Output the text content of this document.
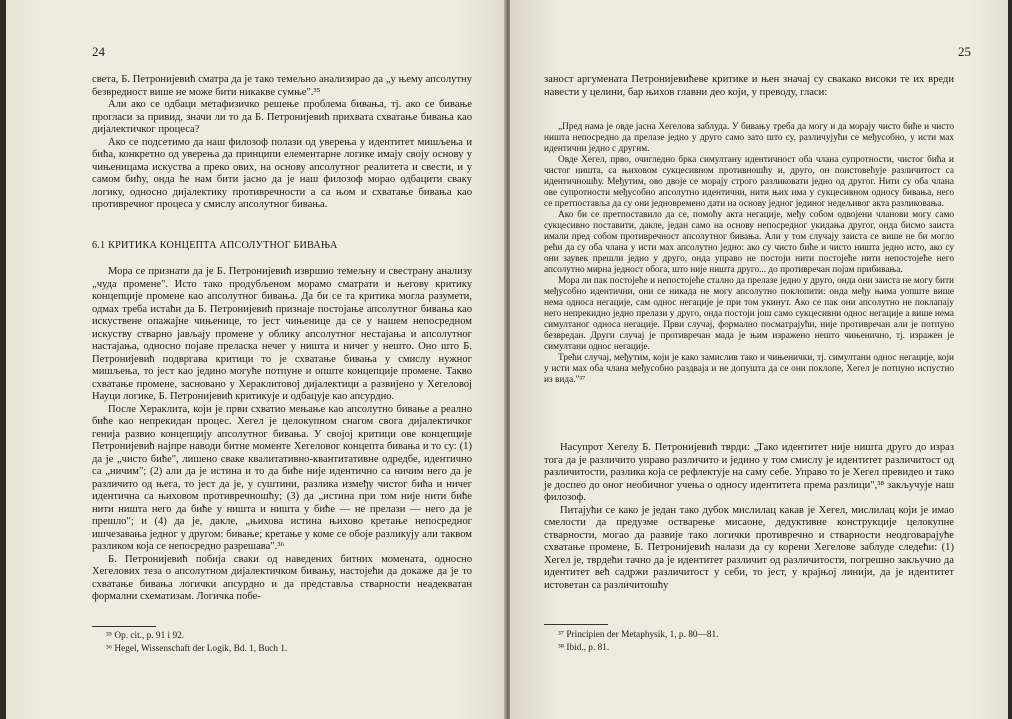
24

света, Б. Петронијевић сматра да је тако темељно анализирао да „у њему апсолутну безвредност више не може бити никакве сумње".³⁵

Али ако се одбаци метафизичко решење проблема бивања, тј. ако се бивање прогласи за привид, значи ли то да Б. Петронијевић прихвата схватање бивања као дијалектичког процеса?

Ако се подсетимо да наш филозоф полази од уверења у идентитет мишљења и бића, конкретно од уверења да принципи елементарне логике имају своју основу у чињеницама искуства а преко ових, на основу апсолутног реалитета и свести, и у самом бићу, онда ће нам бити јасно да је наш филозоф морао одбацити сваку логику, односно дијалектику противречности а са њом и схватање бивања као противречног процеса у смислу апсолутног бивања.

6.1 КРИТИКА КОНЦЕПТА АПСОЛУТНОГ БИВАЊА

Мора се признати да је Б. Петронијевић извршио темељну и свестрану анализу „чуда промене". Исто тако продубљеном морамо сматрати и његову критику концепције промене као апсолутног бивања. Да би се та критика могла разумети, одмах треба истаћи да Б. Петронијевић признаје постојање апсолутног бивања као искуствене опажајне чињенице, то јест чињенице да се у нашем непосредном искуству стварно јављају промене у облику апсолутног нестајања и апсолутног настајања, односно појаве преласка нечег у ништа и ничег у нешто. Оно што Б. Петронијевић подвргава критици то је схватање бивања у смислу нужног мишљења, то јест као једино могуће потпуне и опште концепције промене. Такво схватање промене, засновано у Хераклитовој дијалектици а развијено у Хегеловој Науци логике, Б. Петронијевић критикује и одбацује као апсурдно.

После Хераклита, који је први схватио мењање као апсолутно бивање а реално биће као непрекидан процес. Хегел је целокупном снагом свога дијалектичког генија развио концепцију апсолутног бивања. У својој критици ове концепције Петронијевић најпре наводи битне моменте Хегеловог концепта бивања и то су: (1) да је „чисто биће", лишено сваке квалитативно-квантитативне одредбе, идентично са „ничим"; (2) али да је истина и то да биће није идентично са ничим него да је различито од њега, то јест да је, у суштини, разлика између чистог бића и ничег идентична са њиховом противречношћу; (3) да „истина при том није нити биће нити ништа него да биће у ништа и ништа у биће — не прелази — него да је прешло"; и (4) да је, дакле, „њихова истина њихово кретање непосредног ишчезавања једног у другом: бивање; кретање у коме се обоје разликују али таквом разликом која се непосредно разрешава".³⁶

Б. Петронијевић побија сваки од наведених битних момената, односно Хегелових теза о апсолутном дијалектичком бивању, настојећи да докаже да је то схватање бивања логички апсурдно и да представља стварности неадекватан формални схематизам. Логичка побе-

³⁵ Op. cit., p. 91 i 92.
³⁶ Hegel, Wissenschaft der Logik, Bd. 1, Buch 1.
25

заност аргумената Петронијевићеве критике и њен значај су свакако високи те их вреди навести у целини, бар њихов главни део који, у преводу, гласи:

„Пред нама је овде јасна Хегелова заблуда. У бивању треба да могу и да морају чисто биће и чисто ништа непосредно да прелазе једно у друго само зато што су, различујући се међусобно, у исти мах идентични једно с другим.

Овде Хегел, прво, очигледно брка симултану идентичност оба члана супротности, чистог бића и чистог ништа, са њиховом сукцесивном противношћу и, друго, он поистовећује различитост са идентичношћу. Међутим, ово двоје се морају строго разликовати једно од другог. Нити су оба члана ове супротности међусобно апсолутно идентични, нити њих има у сукцесивном односу бивања, него се претпоставља да су они једновремено дати на основу једног јединог недељивог акта разликовања.

Ако би се претпоставило да се, помоћу акта негације, међу собом одвојени чланови могу само сукцесивно поставити, дакле, један само на основу непосредног укидања другог, онда бисмо заиста имали пред собом противречност апсолутног бивања. Али у том случају заиста се више не би могло рећи да су оба члана у исти мах апсолутно једно: ако су чисто биће и чисто ништа једно исто, ако су они заувек прешли једно у друго, онда управо не постоји нити постојеће нити непостојеће него апсолутно мирна једност обога, што није ништа друго... до противречан појам прибивања.

Мора ли пак постојеће и непостојеће стално да прелазе једно у друго, онда они заиста не могу бити међусобно идентични, они се никада не могу апсолутно поклопити: онда међу њима уопште више нема односа негације, сам однос негације је при том укинут. Ако се пак они апсолутно не поклапају него непрекидно једно прелази у друго, онда постоји још само сукцесивни однос негације а више нема симултаног односа негације. Први случај, формално посматрајући, није противречан али је потпуно безвредан. Други случај је противречан мада је њим изражено нешто чињенично, тј. изражен је симултани однос негације.

Трећи случај, међутим, који је како замислив тако и чињенички, тј. симултани однос негације, који у исти мах оба члана међусобно раздваја и не допушта да се они поклопе, Хегел је потпуно испустио из вида."³⁷

Насупрот Хегелу Б. Петронијевић тврди: „Тако идентитет није ништа друго до израз тога да је различито управо различито и једино у том смислу је идентитет различитост од различитости, разлика која се рефлектује на саму себе. Управо то је Хегел превидео и тако је доспео до оног необичног учења о односу идентитета према разлици",³⁸ закључује наш филозоф.

Питајући се како је један тако дубок мислилац какав је Хегел, мислилац који је имао смелости да предузме остварење мисаоне, дедуктивне конструкције целокупне стварности, могао да развије тако логички противречно и стварности неодговарајуће схватање промене, Б. Петронијевић налази да су корени Хегелове заблуде следећи: (1) Хегел је, тврдећи тачно да је идентитет различит од различитости, погрешно закључио да идентитет већ садржи различитост у себи, то јест, у крајњој линији, да је идентитет истоветан са различитошћу

³⁷ Principien der Metaphysik, 1, p. 80—81.
³⁸ Ibid., p. 81.
